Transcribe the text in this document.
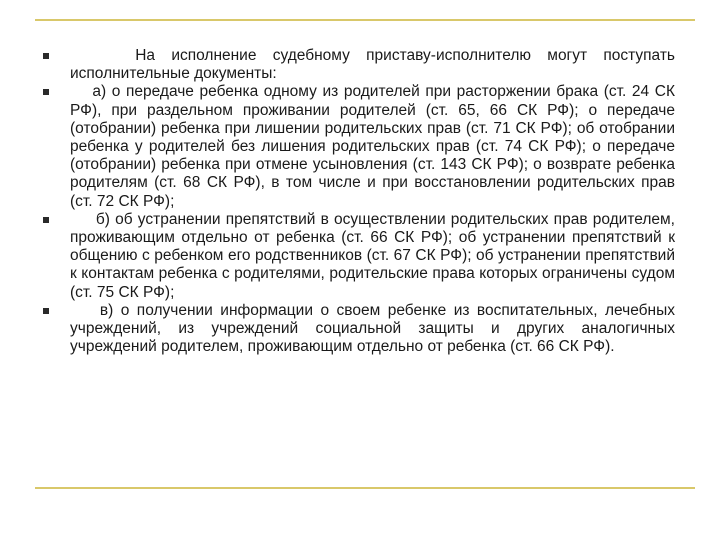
На исполнение судебному приставу-исполнителю могут поступать исполнительные документы:
а) о передаче ребенка одному из родителей при расторжении брака (ст. 24 СК РФ), при раздельном проживании родителей (ст. 65, 66 СК РФ); о передаче (отобрании) ребенка при лишении родительских прав (ст. 71 СК РФ); об отобрании ребенка у родителей без лишения родительских прав (ст. 74 СК РФ); о передаче (отобрании) ребенка при отмене усыновления (ст. 143 СК РФ); о возврате ребенка родителям (ст. 68 СК РФ), в том числе и при восстановлении родительских прав (ст. 72 СК РФ);
б) об устранении препятствий в осуществлении родительских прав родителем, проживающим отдельно от ребенка (ст. 66 СК РФ); об устранении препятствий к общению с ребенком его родственников (ст. 67 СК РФ); об устранении препятствий к контактам ребенка с родителями, родительские права которых ограничены судом (ст. 75 СК РФ);
в) о получении информации о своем ребенке из воспитательных, лечебных учреждений, из учреждений социальной защиты и других аналогичных учреждений родителем, проживающим отдельно от ребенка (ст. 66 СК РФ).
